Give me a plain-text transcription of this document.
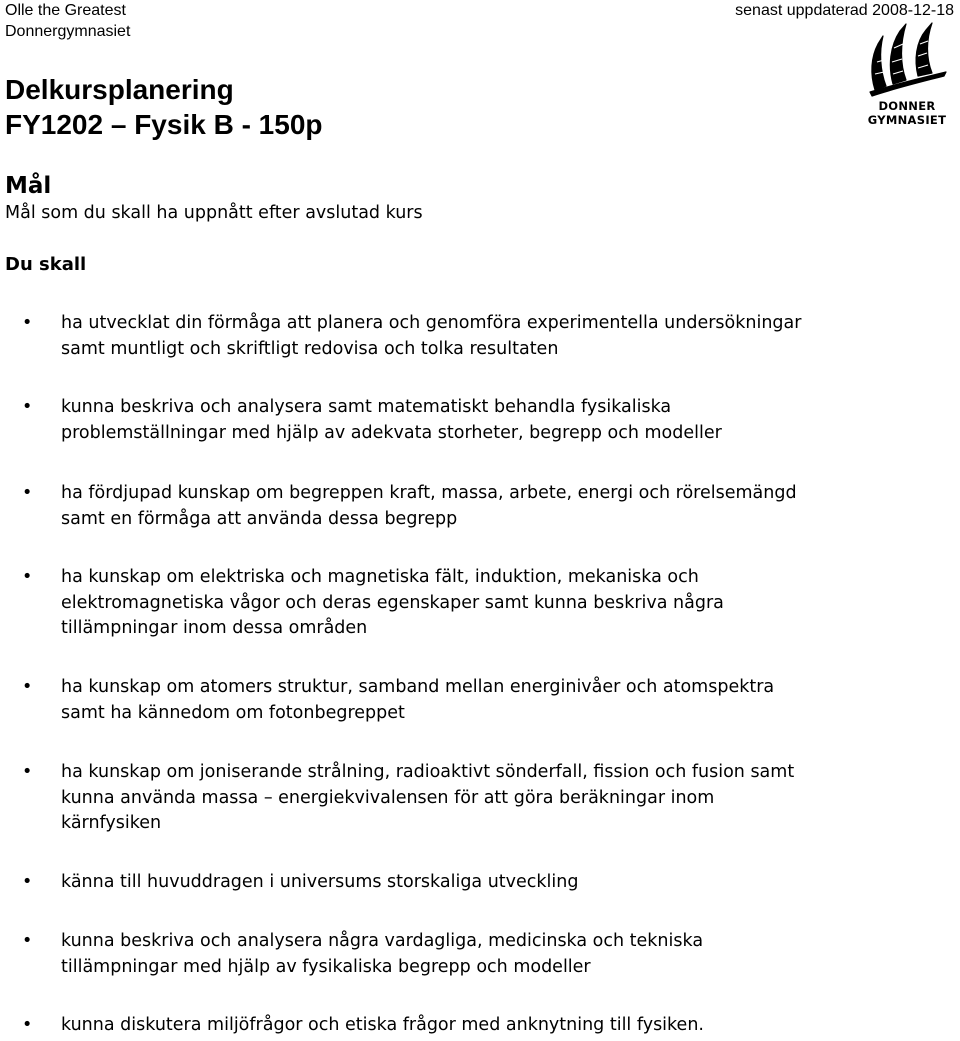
Olle the Greatest
Donnergymnasiet
senast uppdaterad 2008-12-18
DONNER
GYMNASIET
Delkursplanering
FY1202 – Fysik B - 150p
Mål
Mål som du skall ha uppnått efter avslutad kurs
Du skall
• ha utvecklat din förmåga att planera och genomföra experimentella undersökningar
samt muntligt och skriftligt redovisa och tolka resultaten
• kunna beskriva och analysera samt matematiskt behandla fysikaliska
problemställningar med hjälp av adekvata storheter, begrepp och modeller
• ha fördjupad kunskap om begreppen kraft, massa, arbete, energi och rörelsemängd
samt en förmåga att använda dessa begrepp
• ha kunskap om elektriska och magnetiska fält, induktion, mekaniska och
elektromagnetiska vågor och deras egenskaper samt kunna beskriva några
tillämpningar inom dessa områden
• ha kunskap om atomers struktur, samband mellan energinivåer och atomspektra
samt ha kännedom om fotonbegreppet
• ha kunskap om joniserande strålning, radioaktivt sönderfall, fission och fusion samt
kunna använda massa – energiekvivalensen för att göra beräkningar inom
kärnfysiken
• känna till huvuddragen i universums storskaliga utveckling
• kunna beskriva och analysera några vardagliga, medicinska och tekniska
tillämpningar med hjälp av fysikaliska begrepp och modeller
• kunna diskutera miljöfrågor och etiska frågor med anknytning till fysiken.
